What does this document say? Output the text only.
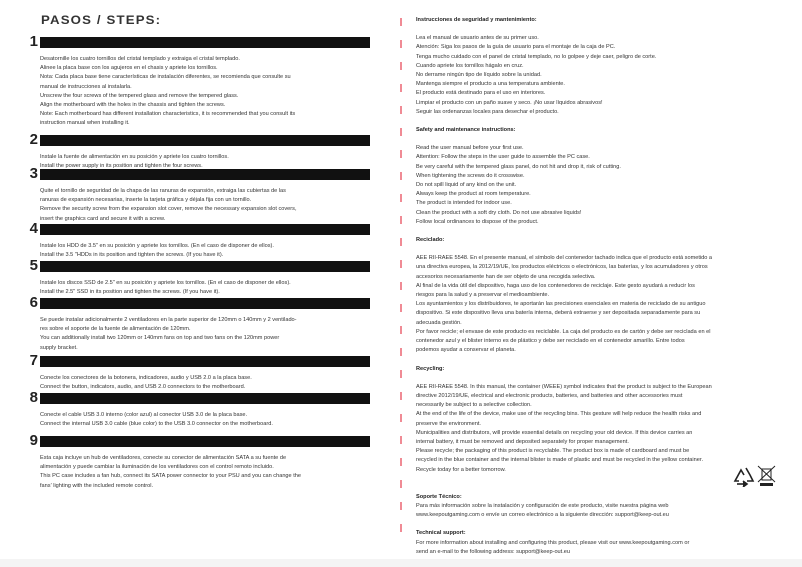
PASOS / STEPS:
1
Desatornille los cuatro tornillos del cristal templado y extraiga el cristal templado.
Alinee la placa base con los agujeros en el chasis y apriete los tornillos.
Nota: Cada placa base tiene características de instalación diferentes, se recomienda que consulte su
manual de instrucciones al instalarla.
Unscrew the four screws of the tempered glass and remove the tempered glass.
Align the motherboard with the holes in the chassis and tighten the screws.
Note: Each motherboard has different installation characteristics, it is recommended that you consult its
instruction manual when installing it.
2
Instale la fuente de alimentación en su posición y apriete los cuatro tornillos.
Install the power supply in its position and tighten the four screws.
3
Quite el tornillo de seguridad de la chapa de las ranuras de expansión, extraiga las cubiertas de las
ranuras de expansión necesarias, inserte la tarjeta gráfica y déjala fija con un tornillo.
Remove the security screw from the expansion slot cover, remove the necessary expansion slot covers,
insert the graphics card and secure it with a screw.
4
Instale los HDD de 3.5" en su posición y apriete los tornillos. (En el caso de disponer de ellos).
Install the 3.5 "HDDs in its position and tighten the screws. (If you have it).
5
Instale los discos SSD de 2.5" en su posición y apriete los tornillos. (En el caso de disponer de ellos).
Install the 2.5" SSD in its position and tighten the screws. (If you have it).
6
Se puede instalar adicionalmente 2 ventiladores en la parte superior de 120mm o 140mm y 2 ventilado-
res sobre el soporte de la fuente de alimentación de 120mm.
You can additionally install two 120mm or 140mm fans on top and two fans on the 120mm power
supply bracket.
7
Conecte los conectores de la botonera, indicadores, audio y USB 2.0 a la placa base.
Connect the button, indicators, audio, and USB 2.0 connectors to the motherboard.
8
Conecte el cable USB 3.0 interno (color azul) al conector USB 3.0 de la placa base.
Connect the internal USB 3.0 cable (blue color) to the USB 3.0 connector on the motherboard.
9
Esta caja incluye un hub de ventiladores, conecte su conector de alimentación SATA a su fuente de
alimentación y puede cambiar la iluminación de los ventiladores con el control remoto incluido.
This PC case includes a fan hub, connect its SATA power connector to your PSU and you can change the
fans' lighting with the included remote control.
Instrucciones de seguridad y mantenimiento:
Lea el manual de usuario antes de su primer uso.
Atención: Siga los pasos de la guía de usuario para el montaje de la caja de PC.
Tenga mucho cuidado con el panel de cristal templado, no lo golpee y deje caer, peligro de corte.
Cuando apriete los tornillos hágalo en cruz.
No derrame ningún tipo de líquido sobre la unidad.
Mantenga siempre el producto a una temperatura ambiente.
El producto está destinado para el uso en interiores.
Limpiar el producto con un paño suave y seco. ¡No usar líquidos abrasivos!
Seguir las ordenanzas locales para desechar el producto.
Safety and maintenance instructions:
Read the user manual before your first use.
Attention: Follow the steps in the user guide to assemble the PC case.
Be very careful with the tempered glass panel, do not hit and drop it, risk of cutting.
When tightening the screws do it crosswise.
Do not spill liquid of any kind on the unit.
Always keep the product at room temperature.
The product is intended for indoor use.
Clean the product with a soft dry cloth. Do not use abrasive liquids!
Follow local ordinances to dispose of the product.
Reciclado:
AEE RII-RAEE 5548. En el presente manual, el símbolo del contenedor tachado indica que el producto está sometido a
una directiva europea, la 2012/19/UE, los productos eléctricos o electrónicos, las baterías, y los acumuladores y otros
accesorios necesariamente han de ser objeto de una recogida selectiva.
Al final de la vida útil del dispositivo, haga uso de los contenedores de reciclaje. Este gesto ayudará a reducir los
riesgos para la salud y a preservar el medioambiente.
Los ayuntamientos y los distribuidores, te aportarán las precisiones esenciales en materia de reciclado de su antiguo
dispositivo. Si este dispositivo lleva una batería interna, deberá extraerse y ser depositada separadamente para su
adecuada gestión.
Por favor recicle; el envase de este producto es reciclable. La caja del producto es de cartón y debe ser reciclada en el
contenedor azul y el blister interno es de plástico y debe ser reciclado en el contenedor amarillo. Entre todos
podemos ayudar a conservar el planeta.
Recycling:
AEE RII-RAEE 5548. In this manual, the container (WEEE) symbol indicates that the product is subject to the European
directive 2012/19/UE, electrical and electronic products, batteries, and batteries and other accessories must
necessarily be subject to a selective collection.
At the end of the life of the device, make use of the recycling bins. This gesture will help reduce the health risks and
preserve the environment.
Municipalities and distributors, will provide essential details on recycling your old device. If this device carries an
internal battery, it must be removed and deposited separately for proper management.
Please recycle; the packaging of this product is recyclable. The product box is made of cardboard and must be
recycled in the blue container and the internal blister is made of plastic and must be recycled in the yellow container.
Recycle today for a better tomorrow.
Soporte Técnico:
Para más información sobre la instalación y configuración de este producto, visite nuestra página web
www.keepoutgaming.com o envíe un correo electrónico a la siguiente dirección: support@keep-out.eu
Technical support:
For more information about installing and configuring this product, please visit our www.keepoutgaming.com or
send an e-mail to the following address: support@keep-out.eu
